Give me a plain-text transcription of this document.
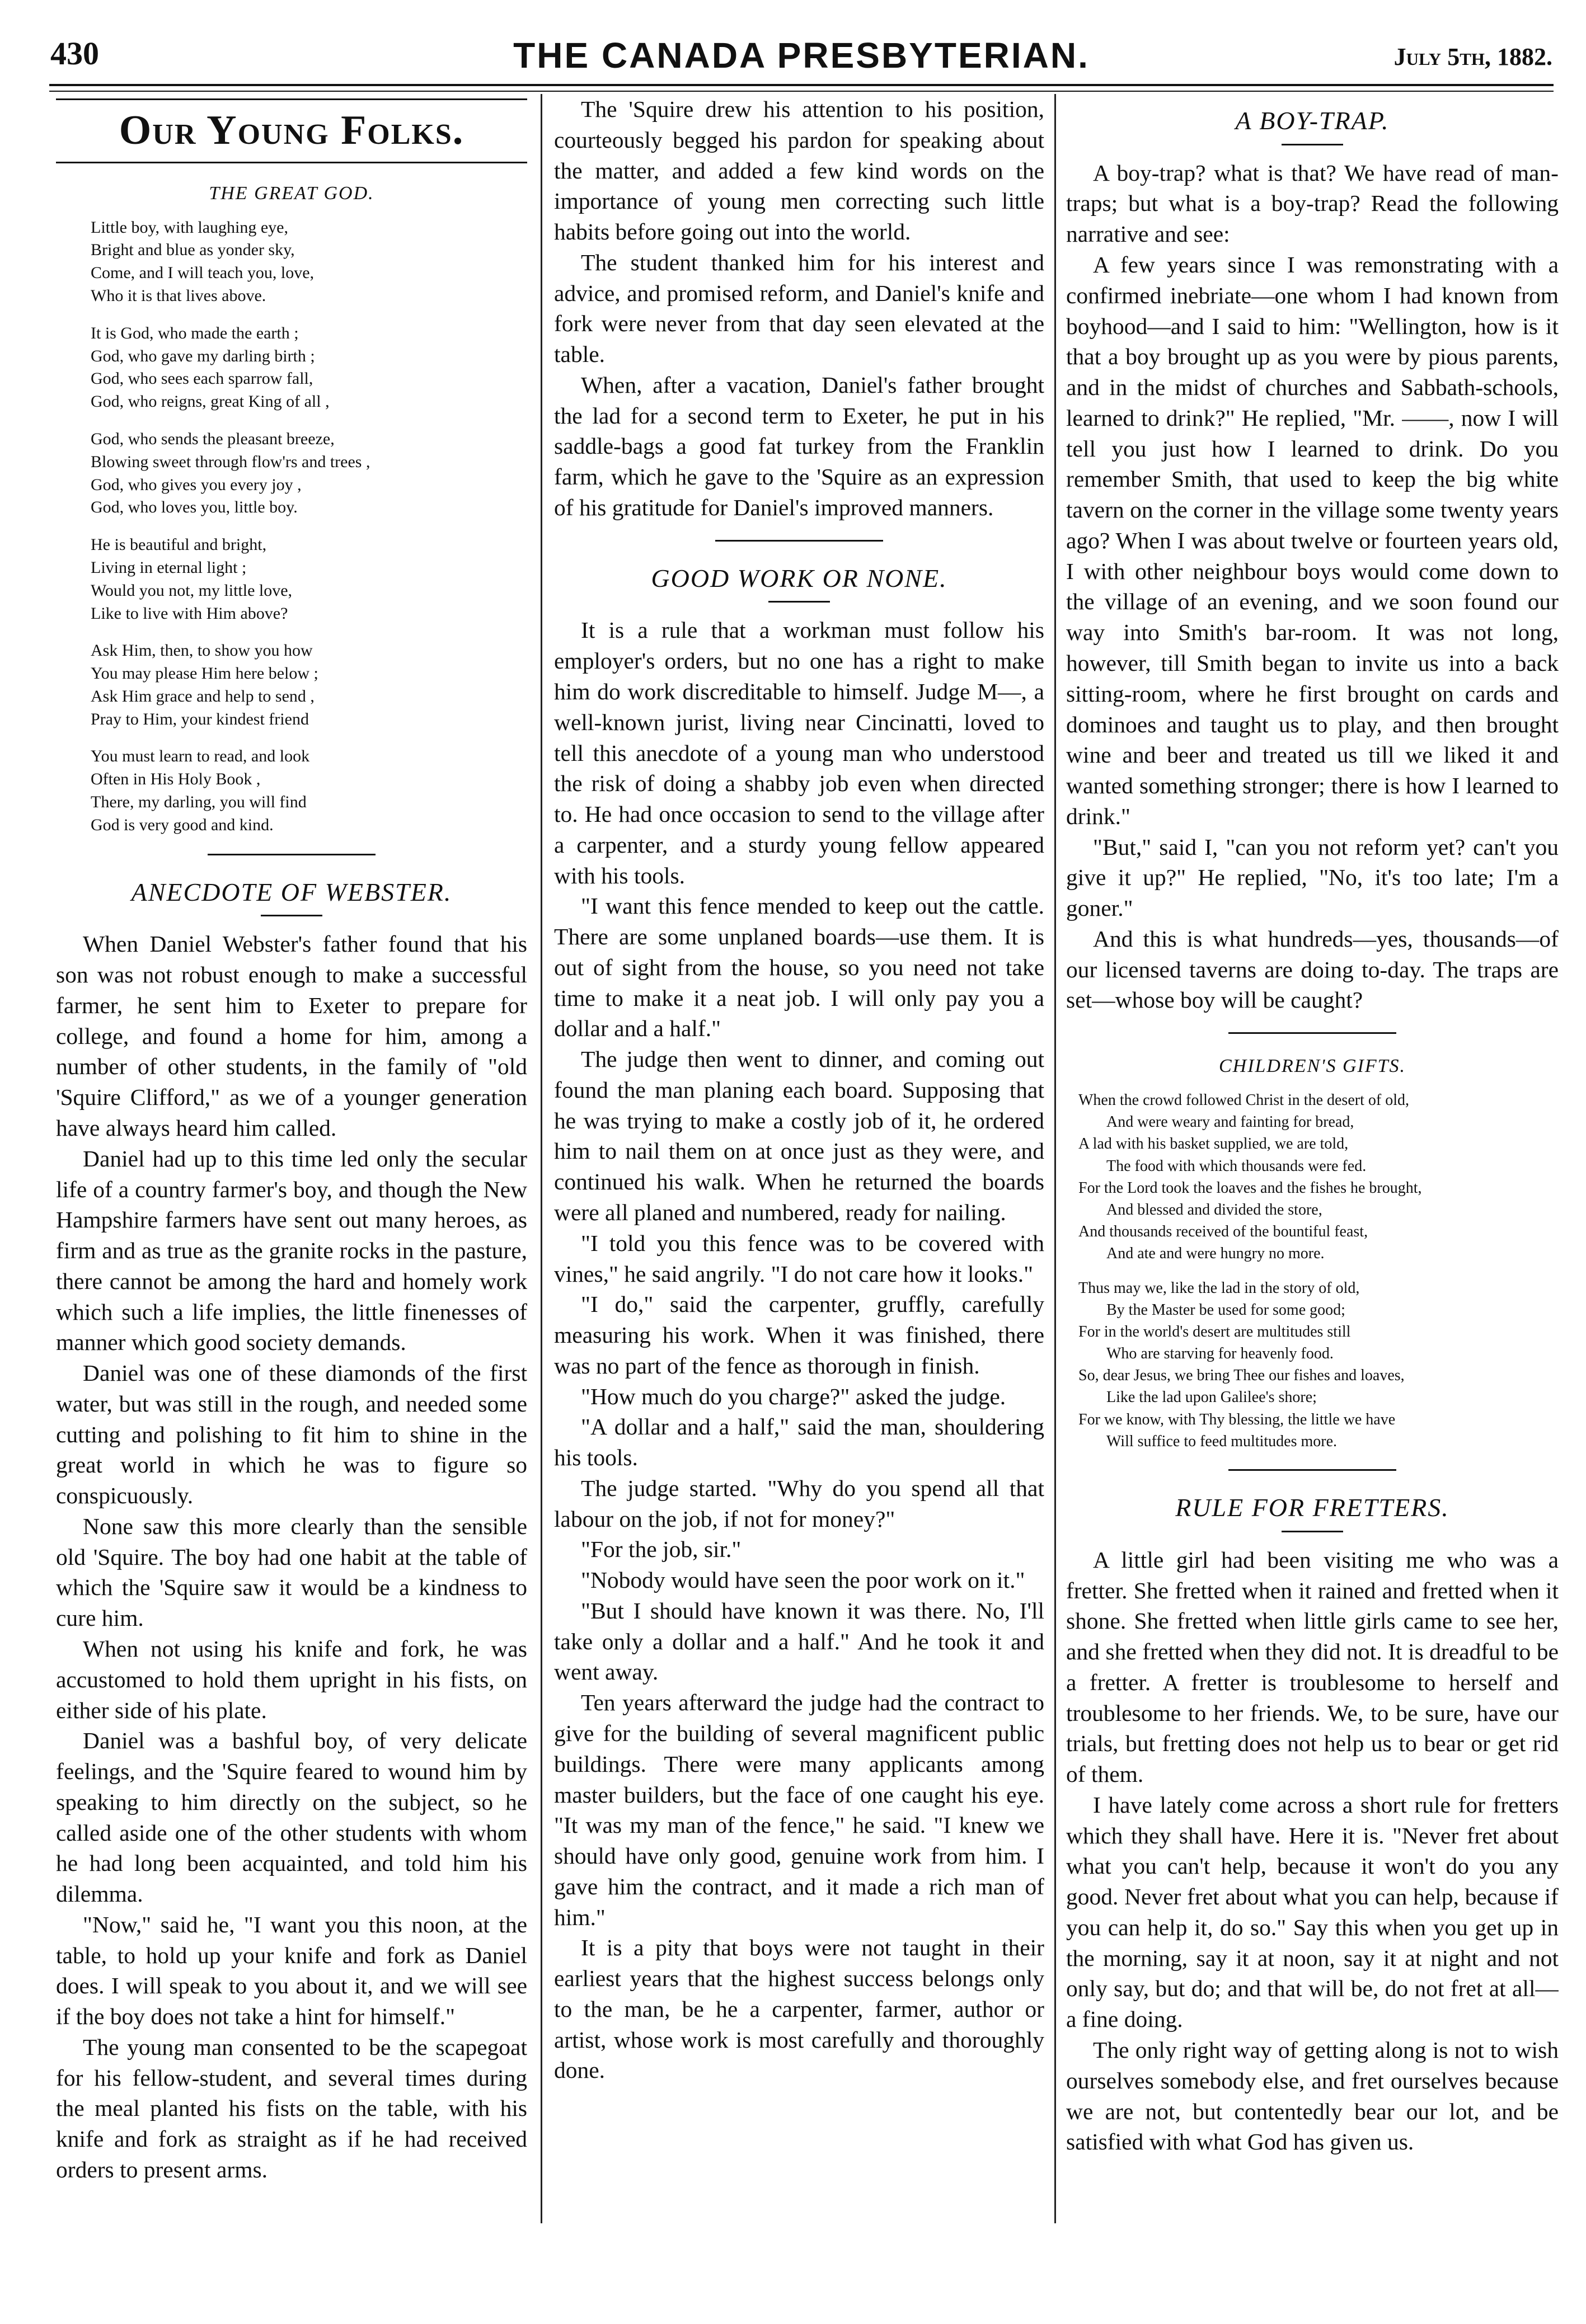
430	THE CANADA PRESBYTERIAN.	July 5th, 1882.
Our Young Folks.
THE GREAT GOD.
Little boy, with laughing eye,
Bright and blue as yonder sky,
Come, and I will teach you, love,
Who it is that lives above.
It is God, who made the earth ;
God, who gave my darling birth ;
God, who sees each sparrow fall,
God, who reigns, great King of all ,
God, who sends the pleasant breeze,
Blowing sweet through flow'rs and trees ,
God, who gives you every joy ,
God, who loves you, little boy.
He is beautiful and bright,
Living in eternal light ;
Would you not, my little love,
Like to live with Him above?
Ask Him, then, to show you how
You may please Him here below ;
Ask Him grace and help to send ,
Pray to Him, your kindest friend
You must learn to read, and look
Often in His Holy Book ,
There, my darling, you will find
God is very good and kind.
ANECDOTE OF WEBSTER.

When Daniel Webster's father found that his son was not robust enough to make a successful farmer, he sent him to Exeter to prepare for college, and found a home for him, among a number of other students, in the family of "old 'Squire Clifford," as we of a younger generation have always heard him called.

Daniel had up to this time led only the secular life of a country farmer's boy, and though the New Hampshire farmers have sent out many heroes, as firm and as true as the granite rocks in the pasture, there cannot be among the hard and homely work which such a life implies, the little finenesses of manner which good society demands.

Daniel was one of these diamonds of the first water, but was still in the rough, and needed some cutting and polishing to fit him to shine in the great world in which he was to figure so conspicuously.

None saw this more clearly than the sensible old 'Squire. The boy had one habit at the table of which the 'Squire saw it would be a kindness to cure him.

When not using his knife and fork, he was accustomed to hold them upright in his fists, on either side of his plate.

Daniel was a bashful boy, of very delicate feelings, and the 'Squire feared to wound him by speaking to him directly on the subject, so he called aside one of the other students with whom he had long been acquainted, and told him his dilemma.

"Now," said he, "I want you this noon, at the table, to hold up your knife and fork as Daniel does. I will speak to you about it, and we will see if the boy does not take a hint for himself."

The young man consented to be the scapegoat for his fellow-student, and several times during the meal planted his fists on the table, with his knife and fork as straight as if he had received orders to present arms.

The 'Squire drew his attention to his position, courteously begged his pardon for speaking about the matter, and added a few kind words on the importance of young men correcting such little habits before going out into the world.

The student thanked him for his interest and advice, and promised reform, and Daniel's knife and fork were never from that day seen elevated at the table.

When, after a vacation, Daniel's father brought the lad for a second term to Exeter, he put in his saddle-bags a good fat turkey from the Franklin farm, which he gave to the 'Squire as an expression of his gratitude for Daniel's improved manners.

GOOD WORK OR NONE.

It is a rule that a workman must follow his employer's orders, but no one has a right to make him do work discreditable to himself. Judge M—, a well-known jurist, living near Cincinatti, loved to tell this anecdote of a young man who understood the risk of doing a shabby job even when directed to. He had once occasion to send to the village after a carpenter, and a sturdy young fellow appeared with his tools.

"I want this fence mended to keep out the cattle. There are some unplaned boards—use them. It is out of sight from the house, so you need not take time to make it a neat job. I will only pay you a dollar and a half."

The judge then went to dinner, and coming out found the man planing each board. Supposing that he was trying to make a costly job of it, he ordered him to nail them on at once just as they were, and continued his walk. When he returned the boards were all planed and numbered, ready for nailing.

"I told you this fence was to be covered with vines," he said angrily. "I do not care how it looks."

"I do," said the carpenter, gruffly, carefully measuring his work. When it was finished, there was no part of the fence as thorough in finish.

"How much do you charge?" asked the judge.

"A dollar and a half," said the man, shouldering his tools.

The judge started. "Why do you spend all that labour on the job, if not for money?"

"For the job, sir."

"Nobody would have seen the poor work on it."

"But I should have known it was there. No, I'll take only a dollar and a half." And he took it and went away.

Ten years afterward the judge had the contract to give for the building of several magnificent public buildings. There were many applicants among master builders, but the face of one caught his eye. "It was my man of the fence," he said. "I knew we should have only good, genuine work from him. I gave him the contract, and it made a rich man of him."

It is a pity that boys were not taught in their earliest years that the highest success belongs only to the man, be he a carpenter, farmer, author or artist, whose work is most carefully and thoroughly done.

A BOY-TRAP.

A boy-trap? what is that? We have read of man-traps; but what is a boy-trap? Read the following narrative and see:

A few years since I was remonstrating with a confirmed inebriate—one whom I had known from boyhood—and I said to him: "Wellington, how is it that a boy brought up as you were by pious parents, and in the midst of churches and Sabbath-schools, learned to drink?" He replied, "Mr. ——, now I will tell you just how I learned to drink. Do you remember Smith, that used to keep the big white tavern on the corner in the village some twenty years ago? When I was about twelve or fourteen years old, I with other neighbour boys would come down to the village of an evening, and we soon found our way into Smith's bar-room. It was not long, however, till Smith began to invite us into a back sitting-room, where he first brought on cards and dominoes and taught us to play, and then brought wine and beer and treated us till we liked it and wanted something stronger; there is how I learned to drink."

"But," said I, "can you not reform yet? can't you give it up?" He replied, "No, it's too late; I'm a goner."

And this is what hundreds—yes, thousands—of our licensed taverns are doing to-day. The traps are set—whose boy will be caught?

CHILDREN'S GIFTS.
When the crowd followed Christ in the desert of old,
And were weary and fainting for bread,
A lad with his basket supplied, we are told,
The food with which thousands were fed.
For the Lord took the loaves and the fishes he brought,
And blessed and divided the store,
And thousands received of the bountiful feast,
And ate and were hungry no more.
Thus may we, like the lad in the story of old,
By the Master be used for some good;
For in the world's desert are multitudes still
Who are starving for heavenly food.
So, dear Jesus, we bring Thee our fishes and loaves,
Like the lad upon Galilee's shore;
For we know, with Thy blessing, the little we have
Will suffice to feed multitudes more.
RULE FOR FRETTERS.

A little girl had been visiting me who was a fretter. She fretted when it rained and fretted when it shone. She fretted when little girls came to see her, and she fretted when they did not. It is dreadful to be a fretter. A fretter is troublesome to herself and troublesome to her friends. We, to be sure, have our trials, but fretting does not help us to bear or get rid of them.

I have lately come across a short rule for fretters which they shall have. Here it is. "Never fret about what you can't help, because it won't do you any good. Never fret about what you can help, because if you can help it, do so." Say this when you get up in the morning, say it at noon, say it at night and not only say, but do; and that will be, do not fret at all—a fine doing.

The only right way of getting along is not to wish ourselves somebody else, and fret ourselves because we are not, but contentedly bear our lot, and be satisfied with what God has given us.
